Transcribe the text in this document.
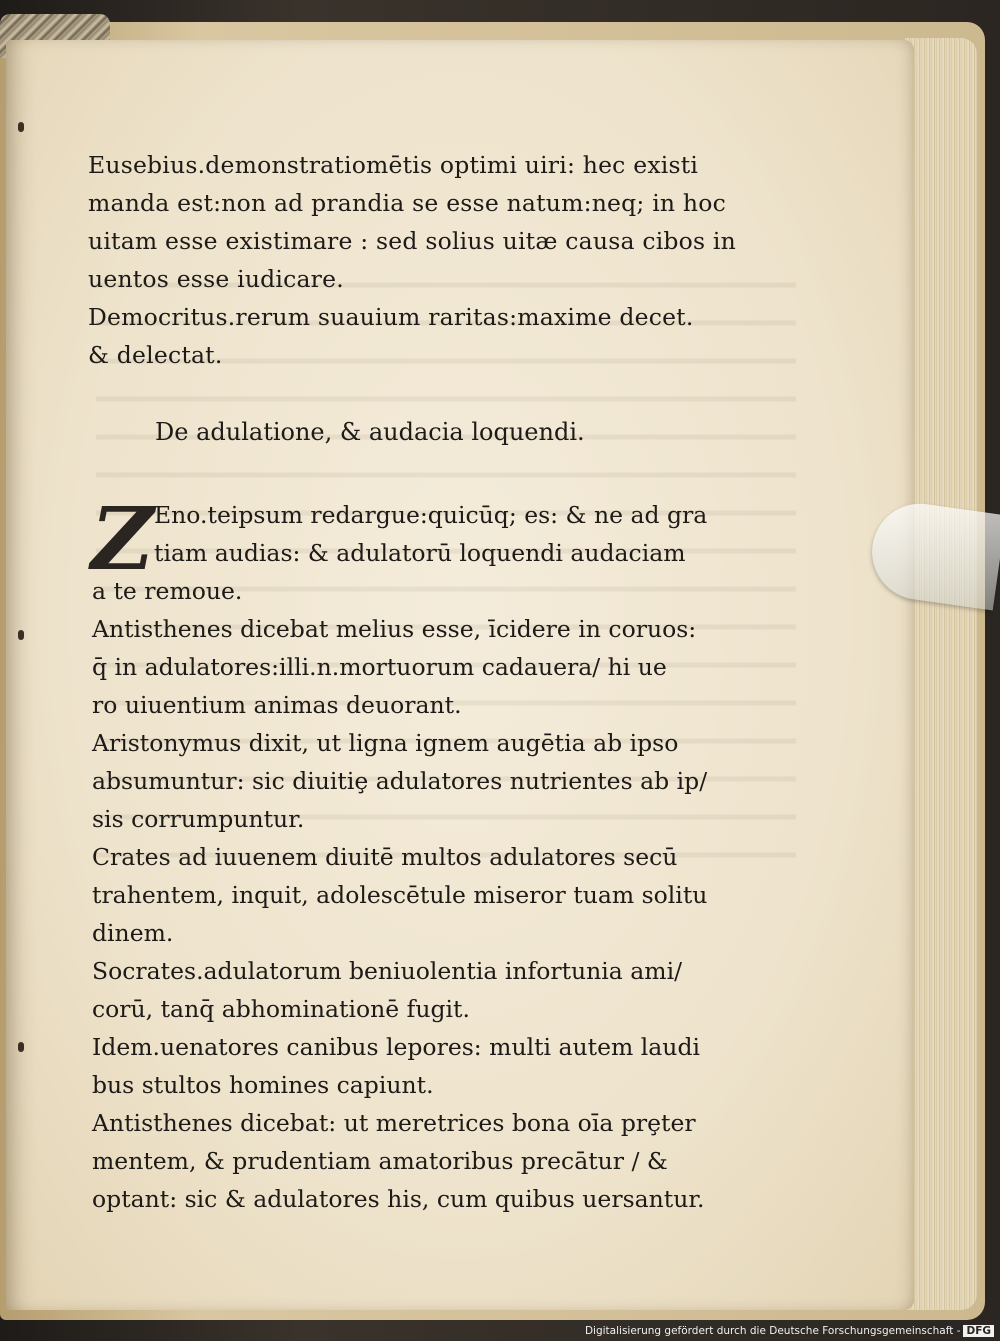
Eusebius.demonstratiomētis optimi uiri: hec existi
manda est:non ad prandia se esse natum:neq; in hoc
uitam esse existimare : sed solius uitæ causa cibos in
uentos esse iudicare.
Democritus.rerum suauium raritas:maxime decet.
& delectat.
De adulatione, & audacia loquendi.
Z Eno.teipsum redargue:quicūq; es: & ne ad gra
tiam audias: & adulatorū loquendi audaciam
a te remoue.
Antisthenes dicebat melius esse, īcidere in coruos:
q̄ in adulatores:illi.n.mortuorum cadauera/ hi ue
ro uiuentium animas deuorant.
Aristonymus dixit, ut ligna ignem augētia ab ipso
absumuntur: sic diuitiȩ adulatores nutrientes ab ip/
sis corrumpuntur.
Crates ad iuuenem diuitē multos adulatores secū
trahentem, inquit, adolescētule miseror tuam solitu
dinem.
Socrates.adulatorum beniuolentia infortunia ami/
corū, tanq̄ abhominationē fugit.
Idem.uenatores canibus lepores: multi autem laudi
bus stultos homines capiunt.
Antisthenes dicebat: ut meretrices bona oīa prȩter
mentem, & prudentiam amatoribus precātur / &
optant: sic & adulatores his, cum quibus uersantur.
Digitalisierung gefördert durch die Deutsche Forschungsgemeinschaft - DFG
